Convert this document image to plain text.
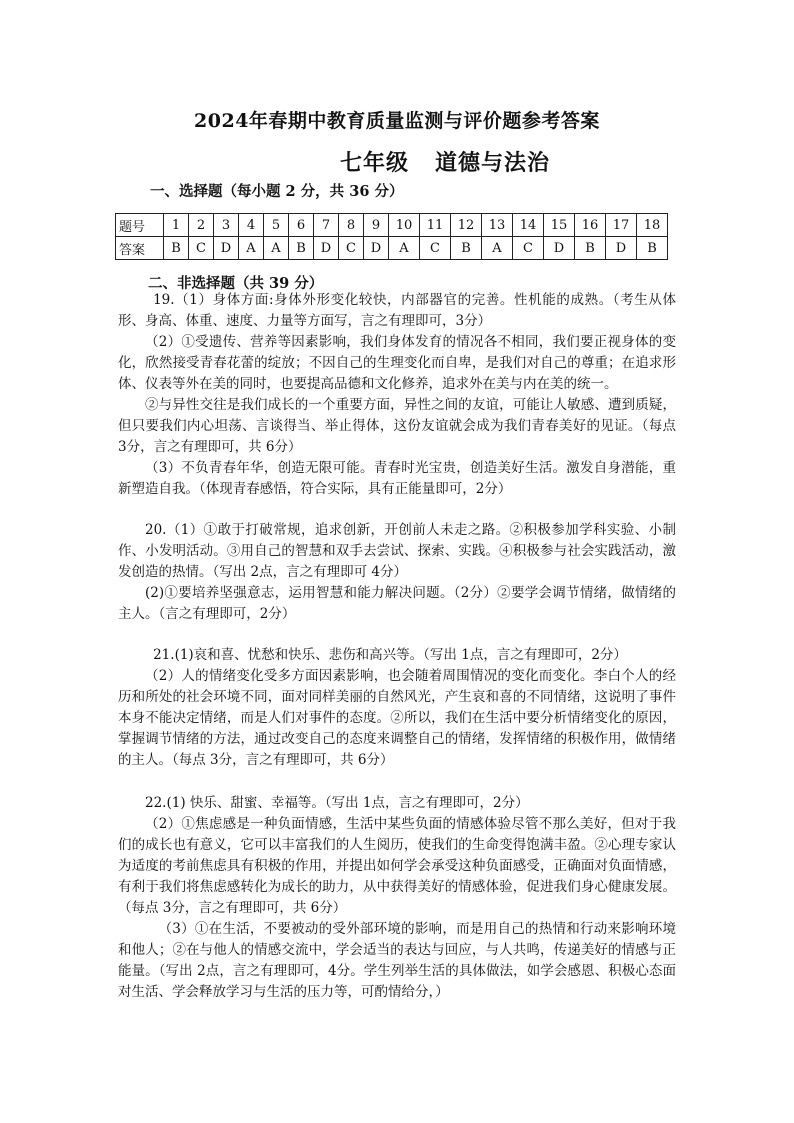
2024年春期中教育质量监测与评价题参考答案
七年级   道德与法治
一、选择题（每小题 2 分，共 36 分）
题号	1	2	3	4	5	6	7	8	9	10	11	12	13	14	15	16	17	18
答案	B	C	D	A	A	B	D	C	D	A	C	B	A	C	D	B	D	B
二、非选择题（共 39 分）

19.（1）身体方面:身体外形变化较快，内部器官的完善。性机能的成熟。（考生从体形、身高、体重、速度、力量等方面写，言之有理即可，3分）

（2）①受遗传、营养等因素影响，我们身体发育的情况各不相同，我们要正视身体的变化，欣然接受青春花蕾的绽放；不因自己的生理变化而自卑，是我们对自己的尊重；在追求形体、仪表等外在美的同时，也要提高品德和文化修养，追求外在美与内在美的统一。

②与异性交往是我们成长的一个重要方面，异性之间的友谊，可能让人敏感、遭到质疑，但只要我们内心坦荡、言谈得当、举止得体，这份友谊就会成为我们青春美好的见证。（每点 3分，言之有理即可，共 6分）

（3）不负青春年华，创造无限可能。青春时光宝贵，创造美好生活。激发自身潜能，重新塑造自我。（体现青春感悟，符合实际，具有正能量即可，2分）

20.（1）①敢于打破常规，追求创新，开创前人未走之路。②积极参加学科实验、小制作、小发明活动。③用自己的智慧和双手去尝试、探索、实践。④积极参与社会实践活动，激发创造的热情。（写出 2点，言之有理即可 4分）

(2)①要培养坚强意志，运用智慧和能力解决问题。（2分）②要学会调节情绪，做情绪的主人。（言之有理即可，2分）

21.(1)哀和喜、忧愁和快乐、悲伤和高兴等。（写出 1点，言之有理即可，2分）

（2）人的情绪变化受多方面因素影响，也会随着周围情况的变化而变化。李白个人的经历和所处的社会环境不同，面对同样美丽的自然风光，产生哀和喜的不同情绪，这说明了事件本身不能决定情绪，而是人们对事件的态度。②所以，我们在生活中要分析情绪变化的原因，掌握调节情绪的方法，通过改变自己的态度来调整自己的情绪，发挥情绪的积极作用，做情绪的主人。（每点 3分，言之有理即可，共 6分）

22.(1) 快乐、甜蜜、幸福等。（写出 1点，言之有理即可，2分）

（2）①焦虑感是一种负面情感，生活中某些负面的情感体验尽管不那么美好，但对于我们的成长也有意义，它可以丰富我们的人生阅历，使我们的生命变得饱满丰盈。②心理专家认为适度的考前焦虑具有积极的作用，并提出如何学会承受这种负面感受，正确面对负面情感，有利于我们将焦虑感转化为成长的助力，从中获得美好的情感体验，促进我们身心健康发展。（每点 3分，言之有理即可，共 6分）

（3）①在生活，不要被动的受外部环境的影响，而是用自己的热情和行动来影响环境和他人；②在与他人的情感交流中，学会适当的表达与回应，与人共鸣，传递美好的情感与正能量。（写出 2点，言之有理即可，4分。学生列举生活的具体做法，如学会感恩、积极心态面对生活、学会释放学习与生活的压力等，可酌情给分，）
